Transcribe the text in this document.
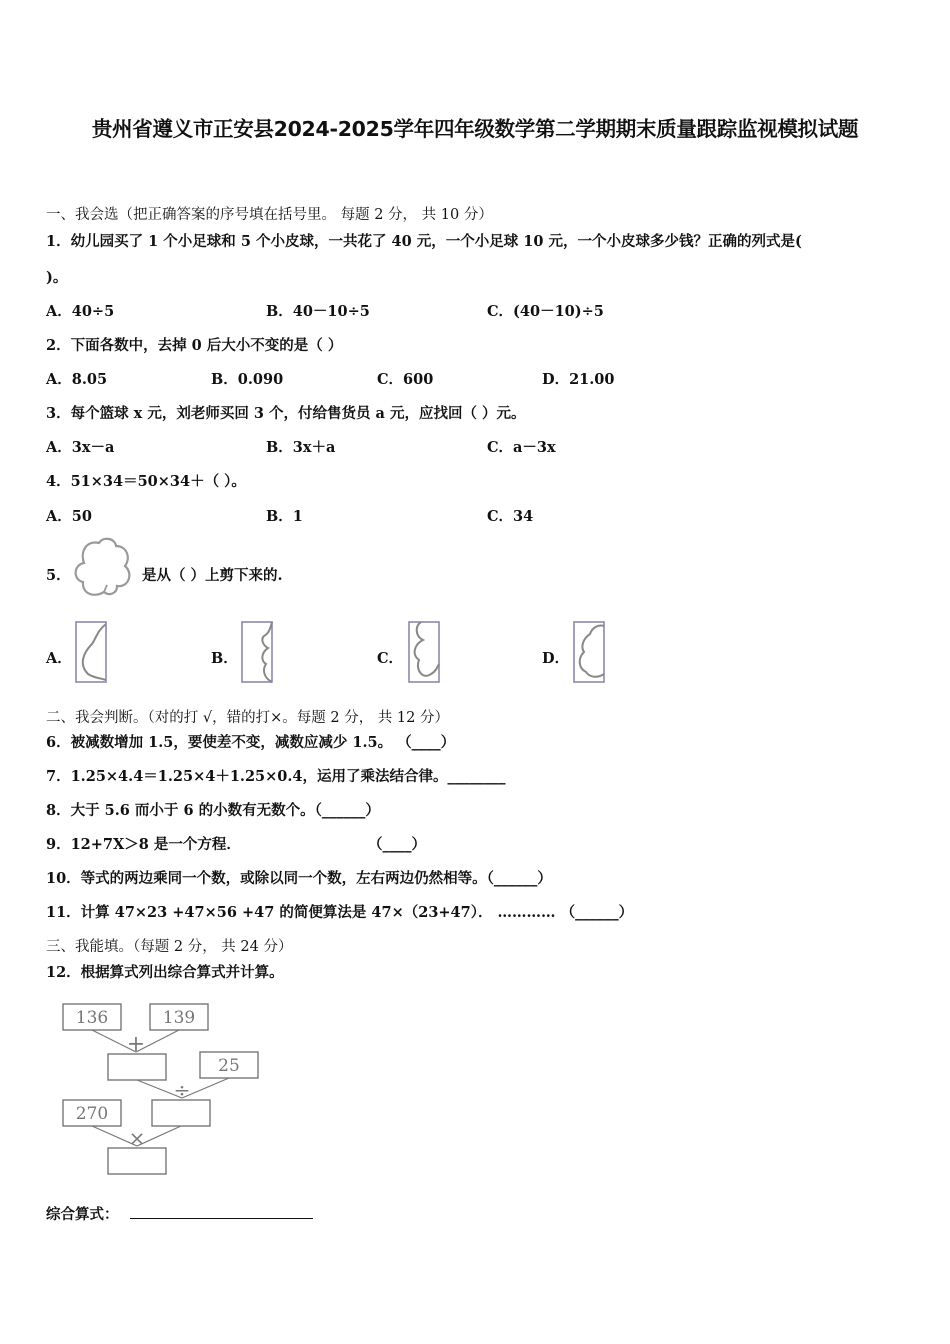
贵州省遵义市正安县2024-2025学年四年级数学第二学期期末质量跟踪监视模拟试题
一、我会选（把正确答案的序号填在括号里。 每题 2 分， 共 10 分）
1．幼儿园买了 1 个小足球和 5 个小皮球，一共花了 40 元，一个小足球 10 元，一个小皮球多少钱？正确的列式是(
)。
A．40÷5	B．40－10÷5	C．(40－10)÷5
2．下面各数中，去掉 0 后大小不变的是（ ）
A．8.05	B．0.090	C．600	D．21.00
3．每个篮球 x 元，刘老师买回 3 个，付给售货员 a 元，应找回（ ）元。
A．3x－a	B．3x＋a	C．a－3x
4．51×34＝50×34＋（ ）。
A．50	B．1	C．34
5．	是从（ ）上剪下来的.
A．	B．	C．	D．
二、我会判断。（对的打 √，错的打×。每题 2 分， 共 12 分）
6．被减数增加 1.5，要使差不变，减数应减少 1.5。 （____）
7．1.25×4.4＝1.25×4＋1.25×0.4，运用了乘法结合律。________
8．大于 5.6 而小于 6 的小数有无数个。（______）
9．12+7X＞8 是一个方程．	（____）
10．等式的两边乘同一个数，或除以同一个数，左右两边仍然相等。（______）
11．计算 47×23 +47×56 +47 的简便算法是 47×（23+47）． ………… （______）
三、我能填。（每题 2 分， 共 24 分）
12．根据算式列出综合算式并计算。
136	139
+
25
÷
270
×
综合算式：
